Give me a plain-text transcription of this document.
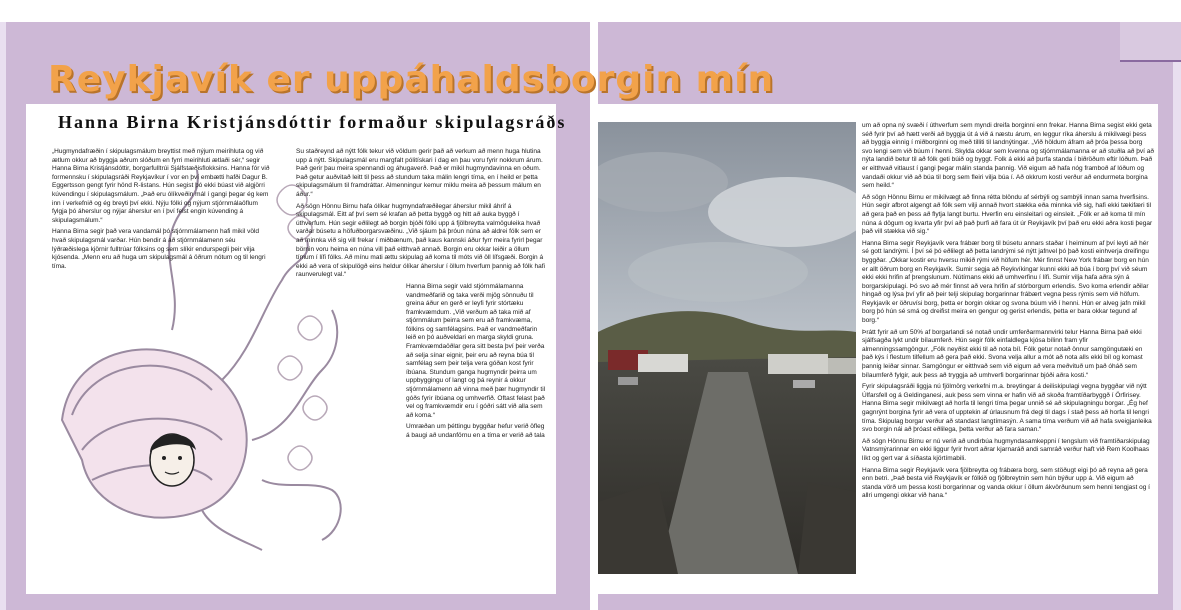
Reykjavík er uppáhaldsborgin mín
Hanna Birna Kristjánsdóttir formaður skipulagsráðs

„Hugmyndafræðin í skipulagsmálum breyttist með nýjum meirihluta og við ætlum okkur að byggja aðrum slóðum en fyrri meirihluti ætlaði sér,“ segir Hanna Birna Kristjánsdóttir, borgarfulltrúi Sjálfstæðisflokksins. Hanna fór við formennsku í skipulagsráði Reykjavíkur í vor en því embætti hafði Dagur B. Eggertsson gengt fyrir hönd R-listans. Hún segist þó ekki búast við algjörri kúvendingu í skipulagsmálum. „Það eru ólíkveðin mál í gangi þegar ég kem inn í verkefnið og ég breyti því ekki. Nýju fólki og nýjum stjórnmálaöflum fylgja þó áherslur og nýjar áherslur en í því felst engin kúvending á skipulagsmálum.“

Hanna Birna segir það vera vandamál þó stjórnmálamenn hafi mikil völd hvað skipulagsmál varðar. Hún bendir á að stjórnmálamenn séu lýðræðislega kjörnir fulltrúar fólksins og sem slíkir endurspegli þeir vilja kjósenda. „Menn eru að huga um skipulagsmál á öðrum nótum og til lengri tíma.

Su staðreynd að nýtt fólk tekur við völdum gerir það að verkum að menn huga hlutina upp á nýtt. Skipulagsmál eru margfalt pólitískari í dag en þau voru fyrir nokkrum árum. Það gerir þau meira spennandi og áhugaverð. Það er mikil hugmyndavinna en oðum. Það getur auðvitað leitt til þess að stundum taka málin lengri tíma, en í heild er þetta skipulagsmálum til framdráttar. Almenningur kemur miklu meira að þessum málum en áður.“

Að sögn Hönnu Birnu hafa ólíkar hugmyndafræðilegar áherslur mikil áhrif á skipulagsmál. Eitt af því sem sé krafan að þetta byggð og hitt að auka byggð í úthverfum. Hún segir eðlilegt að borgin bjóði fólki upp á fjölbreytta valmöguleika hvað varðar búsetu a höfuðborgarsvæðinu. „Við sjáum þá þróun núna að aldrei fólk sem er að minnka við sig vill frekar í miðbænum, það kaus kannski áður fyrr meira fyrirl þegar börnin voru heima en núna vill það eitthvað annað. Borgin eru okkar leiðir a öllum tímum í lífi fólks. Að mínu mati ættu skipulag að koma til móts við öll lífsgæði. Borgin á ekki að vera of skipulögð eins heldur ólíkar áherslur í öllum hverfum þannig að fólk hafi raunverulegt val.“

Hanna Birna segir vald stjórnmálamanna vandmeðfarið og taka verði mjög sönnuðu til greina áður en gerð er leyfi fyrir stórtæku framkvæmdum. „Við verðum að taka mið af stjórnmálum þeirra sem eru að framkvæma, fólkins og samfélagsins. Það er vandmeðfarin leið en þó auðveldari en marga skyldi gruna. Framkvæmdaöðlar gera sitt besta því þeir verða að selja sínar eignir, þeir eru að reyna búa til samfélag sem þeir telja vera góðan kost fyrir íbúana. Stundum ganga hugmyndir þeirra um uppbyggingu of langt og þá reynir á okkur stjórnmálamenn að vinna með þær hugmyndir til góðs fyrir íbúana og umhverfið. Oftast felast það vel og framkvæmdir eru í góðri sátt við alla sem að koma.“

Umræðan um þéttingu byggðar hefur verið öfleg á baugi að undanförnu en a tíma er verið að tala

um að opna ný svæði í úthverfum sem myndi dreifa borginni enn frekar. Hanna Birna segist ekki geta séð fyrir því að hætt verði að byggja út á við á næstu árum, en leggur ríka áherslu á mikilvægi þess að byggja einnig í miðborginni og með tilliti til landnýtingar. „Við höldum áfram að þróa þessa borg svo lengi sem við búum í henni. Skylda okkar sem kvenna og stjórnmálamanna er að stuðla að því að nýta landið betur til að fólk geti búið og byggt. Folk á ekki að þurfa standa í biðröðum eftir lóðum. Það er eitthvað vitlaust í gangi þegar málin standa þannig. Við eigum að hafa nóg framboð af lóðum og vandaði okkur við að búa til borg sem fleiri vilja búa í. Að okkrum kosti verður að endurmeta borgina sem heild.“

Að sögn Hönnu Birnu er mikilvægt að finna rétta blöndu af sérbýli og sambýli innan sama hverfisins. Hún segir afbrot algengt að fólk sem vilji annað hvort stækka eða minnka við sig, hafi ekki tækifæri til að gera það en þess að flytja langt burtu. Hverfin eru einsleitari og einsleit. „Fólk er að koma til mín núna á dögum og kvarta yfir því að það þurfi að fara út úr Reykjavík því það eru ekki aðra kosti þegar það vill stækka við sig.“

Hanna Birna segir Reykjavík vera frábær borg til búsetu annars staðar í heiminum af því leyti að hér sé gott landrými. Í því sé þó eðlilegt að þetta landrými sé nýtt jafnvel þó það kosti einhverja dreifingu byggðar. „Okkar kostir eru hversu mikið rými við höfum hér. Mér finnst New York frábær borg en hún er allt öðrum borg en Reykjavík. Sumir segja að Reykvíkingar kunni ekki að búa í borg því við séum ekki ekki hrifin af þrengslunum. Nútímans ekki að umhverfinu í lífi. Sumir vilja hafa aðra sýn á borgarskipulagi. Þó svo að mér finnst að vera hrifin af stórborgum erlendis. Svo koma erlendir aðilar hingað og lýsa því yfir að þeir telji skipulag borgarinnar frábært vegna þess rýmis sem við höfum. Reykjavík er öðruvísi borg, þetta er borgin okkar og svona búum við í henni. Hún er alveg jafn mikil borg þó hún sé smá og dreifist meira en gengur og gerist erlendis, þetta er bara okkar tegund af borg.“

Þrátt fyrir að um 50% af borgarlandi sé notað undir umferðarmannvirki telur Hanna Birna það ekki sjálfsagða lykt undir bílaumferð. Hún segir fólk einfaldlega kjósa bílinn fram yfir almenningssamgöngur. „Fólk neyðist ekki til að nota bíl. Fólk getur notað önnur samgöngutæki en það kýs í flestum tilfellum að gera það ekki. Svona velja allur a mót að nota alls ekki bíl og komast þannig leiðar sinnar. Samgöngur er eitthvað sem við eigum að vera meðvituð um það óháð sem bílaumferð fylgir, auk þess að tryggja að umhverfi borgarinnar bjóði aðra kosti.“

Fyrir skipulagsráði liggja nú fjölmörg verkefni m.a. breytingar á deiliskipulagi vegna byggðar við nýtt Úlfarsfell og á Geldinganesi, auk þess sem vinna er hafin við að skoða framtíðarbyggð í Örfirisey. Hanna Birna segir mikilvægt að horfa til lengri tíma þegar unnið sé að skipulagningu borgar. „Ég hef gagnrýnt borgina fyrir að vera of upptekin af úrlausnum frá degi til dags í stað þess að horfa til lengri tíma. Skipulag borgar verður að standast langtímasýn. A sama tíma verðum við að hafa sveigjanleika svo borgin nái að þróast eðlilega, þetta verður að fara saman.“

Að sögn Hönnu Birnu er nú verið að undirbúa hugmyndasamkeppni í tengslum við framtíðarskipulag Vatnsmýrarinnar en ekki liggur fyrir hvort aðrar kjarnaráð andi samráð verður haft við Rem Koolhaas líkt og gert var á síðasta kjörtímabili.

Hanna Birna segir Reykjavík vera fjölbreytta og frábæra borg, sem stöðugt eigi þó að reyna að gera enn betri. „Það besta við Reykjavík er fólkið og fjölbreytnin sem hún býður upp á. Við eigum að standa vörð um þessa kosti borgarinnar og vanda okkur í öllum ákvörðunum sem henni tengjast og í allri umgengi okkar við hana.“
